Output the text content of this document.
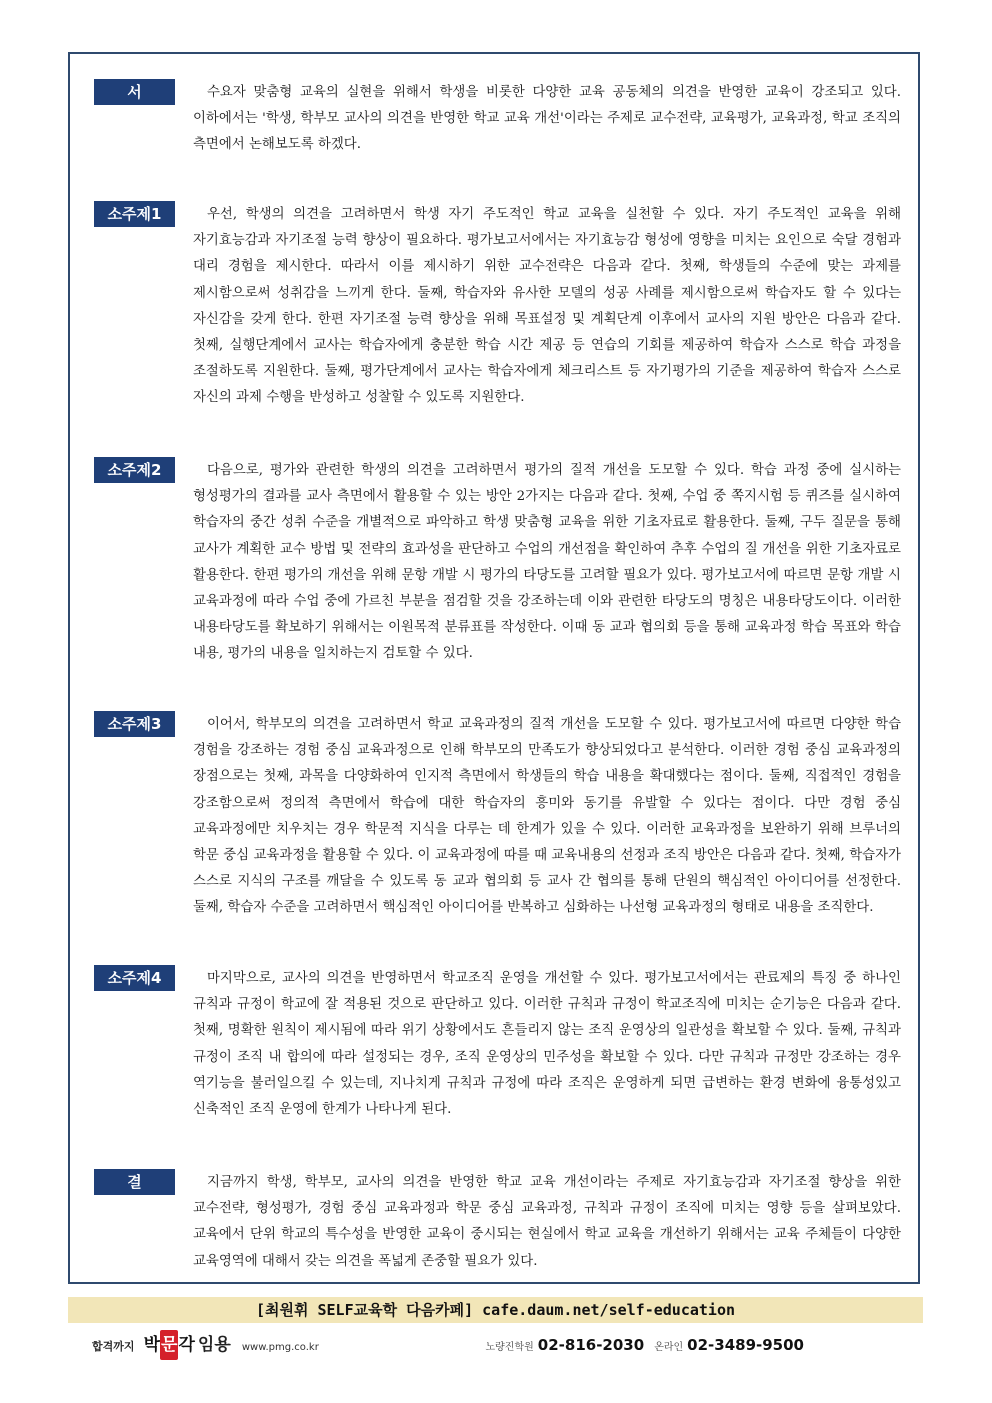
서 론

수요자 맞춤형 교육의 실현을 위해서 학생을 비롯한 다양한 교육 공동체의 의견을 반영한 교육이 강조되고 있다. 이하에서는 '학생, 학부모 교사의 의견을 반영한 학교 교육 개선'이라는 주제로 교수전략, 교육평가, 교육과정, 학교 조직의 측면에서 논해보도록 하겠다.

소주제1	우선, 학생의 의견을 고려하면서 학생 자기 주도적인 학교 교육을 실천할 수 있다. 자기 주도적인 교육을 위해 자기효능감과 자기조절 능력 향상이 필요하다. 평가보고서에서는 자기효능감 형성에 영향을 미치는 요인으로 숙달 경험과 대리 경험을 제시한다. 따라서 이를 제시하기 위한 교수전략은 다음과 같다. 첫째, 학생들의 수준에 맞는 과제를 제시함으로써 성취감을 느끼게 한다. 둘째, 학습자와 유사한 모델의 성공 사례를 제시함으로써 학습자도 할 수 있다는 자신감을 갖게 한다. 한편 자기조절 능력 향상을 위해 목표설정 및 계획단계 이후에서 교사의 지원 방안은 다음과 같다. 첫째, 실행단계에서 교사는 학습자에게 충분한 학습 시간 제공 등 연습의 기회를 제공하여 학습자 스스로 학습 과정을 조절하도록 지원한다. 둘째, 평가단계에서 교사는 학습자에게 체크리스트 등 자기평가의 기준을 제공하여 학습자 스스로 자신의 과제 수행을 반성하고 성찰할 수 있도록 지원한다.

소주제2	다음으로, 평가와 관련한 학생의 의견을 고려하면서 평가의 질적 개선을 도모할 수 있다. 학습 과정 중에 실시하는 형성평가의 결과를 교사 측면에서 활용할 수 있는 방안 2가지는 다음과 같다. 첫째, 수업 중 쪽지시험 등 퀴즈를 실시하여 학습자의 중간 성취 수준을 개별적으로 파악하고 학생 맞춤형 교육을 위한 기초자료로 활용한다. 둘째, 구두 질문을 통해 교사가 계획한 교수 방법 및 전략의 효과성을 판단하고 수업의 개선점을 확인하여 추후 수업의 질 개선을 위한 기초자료로 활용한다. 한편 평가의 개선을 위해 문항 개발 시 평가의 타당도를 고려할 필요가 있다. 평가보고서에 따르면 문항 개발 시 교육과정에 따라 수업 중에 가르친 부분을 점검할 것을 강조하는데 이와 관련한 타당도의 명칭은 내용타당도이다. 이러한 내용타당도를 확보하기 위해서는 이원목적 분류표를 작성한다. 이때 동 교과 협의회 등을 통해 교육과정 학습 목표와 학습 내용, 평가의 내용을 일치하는지 검토할 수 있다.

소주제3	이어서, 학부모의 의견을 고려하면서 학교 교육과정의 질적 개선을 도모할 수 있다. 평가보고서에 따르면 다양한 학습 경험을 강조하는 경험 중심 교육과정으로 인해 학부모의 만족도가 향상되었다고 분석한다. 이러한 경험 중심 교육과정의 장점으로는 첫째, 과목을 다양화하여 인지적 측면에서 학생들의 학습 내용을 확대했다는 점이다. 둘째, 직접적인 경험을 강조함으로써 정의적 측면에서 학습에 대한 학습자의 흥미와 동기를 유발할 수 있다는 점이다. 다만 경험 중심 교육과정에만 치우치는 경우 학문적 지식을 다루는 데 한계가 있을 수 있다. 이러한 교육과정을 보완하기 위해 브루너의 학문 중심 교육과정을 활용할 수 있다. 이 교육과정에 따를 때 교육내용의 선정과 조직 방안은 다음과 같다. 첫째, 학습자가 스스로 지식의 구조를 깨달을 수 있도록 동 교과 협의회 등 교사 간 협의를 통해 단원의 핵심적인 아이디어를 선정한다. 둘째, 학습자 수준을 고려하면서 핵심적인 아이디어를 반복하고 심화하는 나선형 교육과정의 형태로 내용을 조직한다.

소주제4	마지막으로, 교사의 의견을 반영하면서 학교조직 운영을 개선할 수 있다. 평가보고서에서는 관료제의 특징 중 하나인 규칙과 규정이 학교에 잘 적용된 것으로 판단하고 있다. 이러한 규칙과 규정이 학교조직에 미치는 순기능은 다음과 같다. 첫째, 명확한 원칙이 제시됨에 따라 위기 상황에서도 흔들리지 않는 조직 운영상의 일관성을 확보할 수 있다. 둘째, 규칙과 규정이 조직 내 합의에 따라 설정되는 경우, 조직 운영상의 민주성을 확보할 수 있다. 다만 규칙과 규정만 강조하는 경우 역기능을 불러일으킬 수 있는데, 지나치게 규칙과 규정에 따라 조직은 운영하게 되면 급변하는 환경 변화에 융통성있고 신축적인 조직 운영에 한계가 나타나게 된다.

결 론

지금까지 학생, 학부모, 교사의 의견을 반영한 학교 교육 개선이라는 주제로 자기효능감과 자기조절 향상을 위한 교수전략, 형성평가, 경험 중심 교육과정과 학문 중심 교육과정, 규칙과 규정이 조직에 미치는 영향 등을 살펴보았다. 교육에서 단위 학교의 특수성을 반영한 교육이 중시되는 현실에서 학교 교육을 개선하기 위해서는 교육 주체들이 다양한 교육영역에 대해서 갖는 의견을 폭넓게 존중할 필요가 있다.

[최원휘 SELF교육학 다음카페] cafe.daum.net/self-education
합격까지 박문각 임용 www.pmg.co.kr	노량진학원 02-816-2030 온라인 02-3489-9500
